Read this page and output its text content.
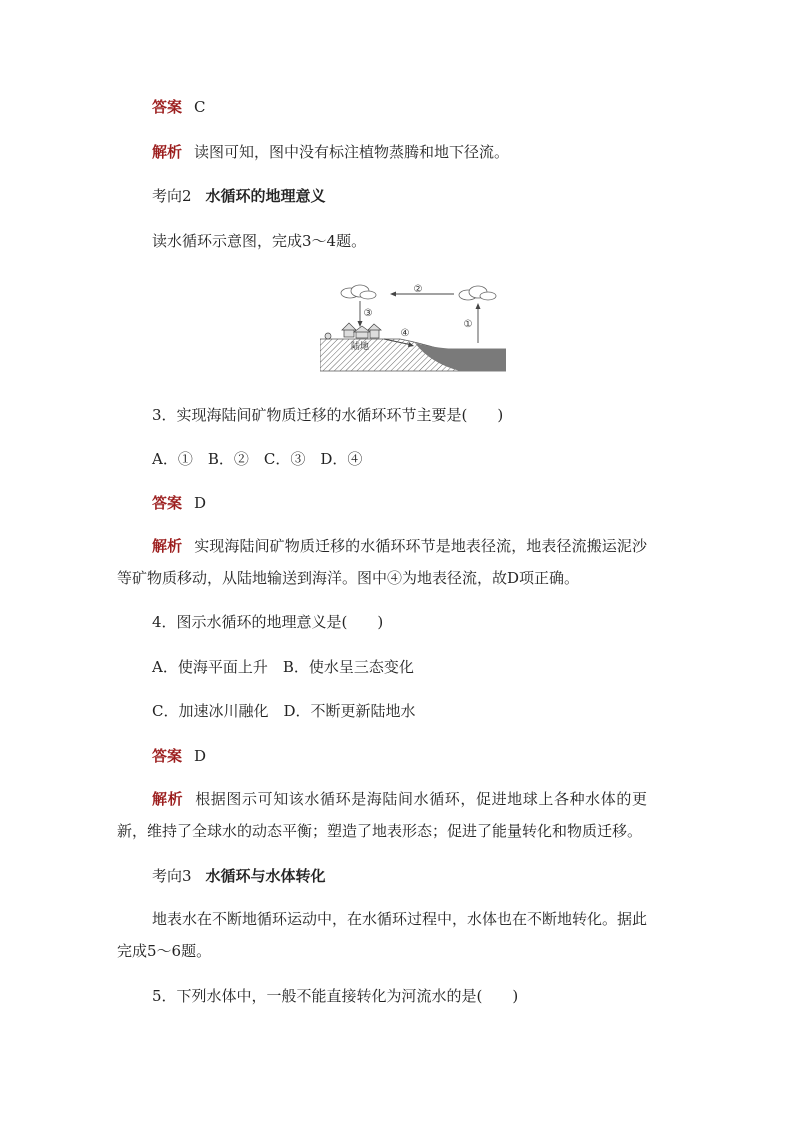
答案 C
解析 读图可知，图中没有标注植物蒸腾和地下径流。
考向2 水循环的地理意义
读水循环示意图，完成3～4题。
②
③
陆地
④
①
3．实现海陆间矿物质迁移的水循环环节主要是(　　)
A．①　B．②　C．③　D．④
答案 D
解析 实现海陆间矿物质迁移的水循环环节是地表径流，地表径流搬运泥沙等矿物质移动，从陆地输送到海洋。图中④为地表径流，故D项正确。
4．图示水循环的地理意义是(　　)
A．使海平面上升　B．使水呈三态变化
C．加速冰川融化　D．不断更新陆地水
答案 D
解析 根据图示可知该水循环是海陆间水循环，促进地球上各种水体的更新，维持了全球水的动态平衡；塑造了地表形态；促进了能量转化和物质迁移。
考向3 水循环与水体转化
地表水在不断地循环运动中，在水循环过程中，水体也在不断地转化。据此完成5～6题。
5．下列水体中，一般不能直接转化为河流水的是(　　)
